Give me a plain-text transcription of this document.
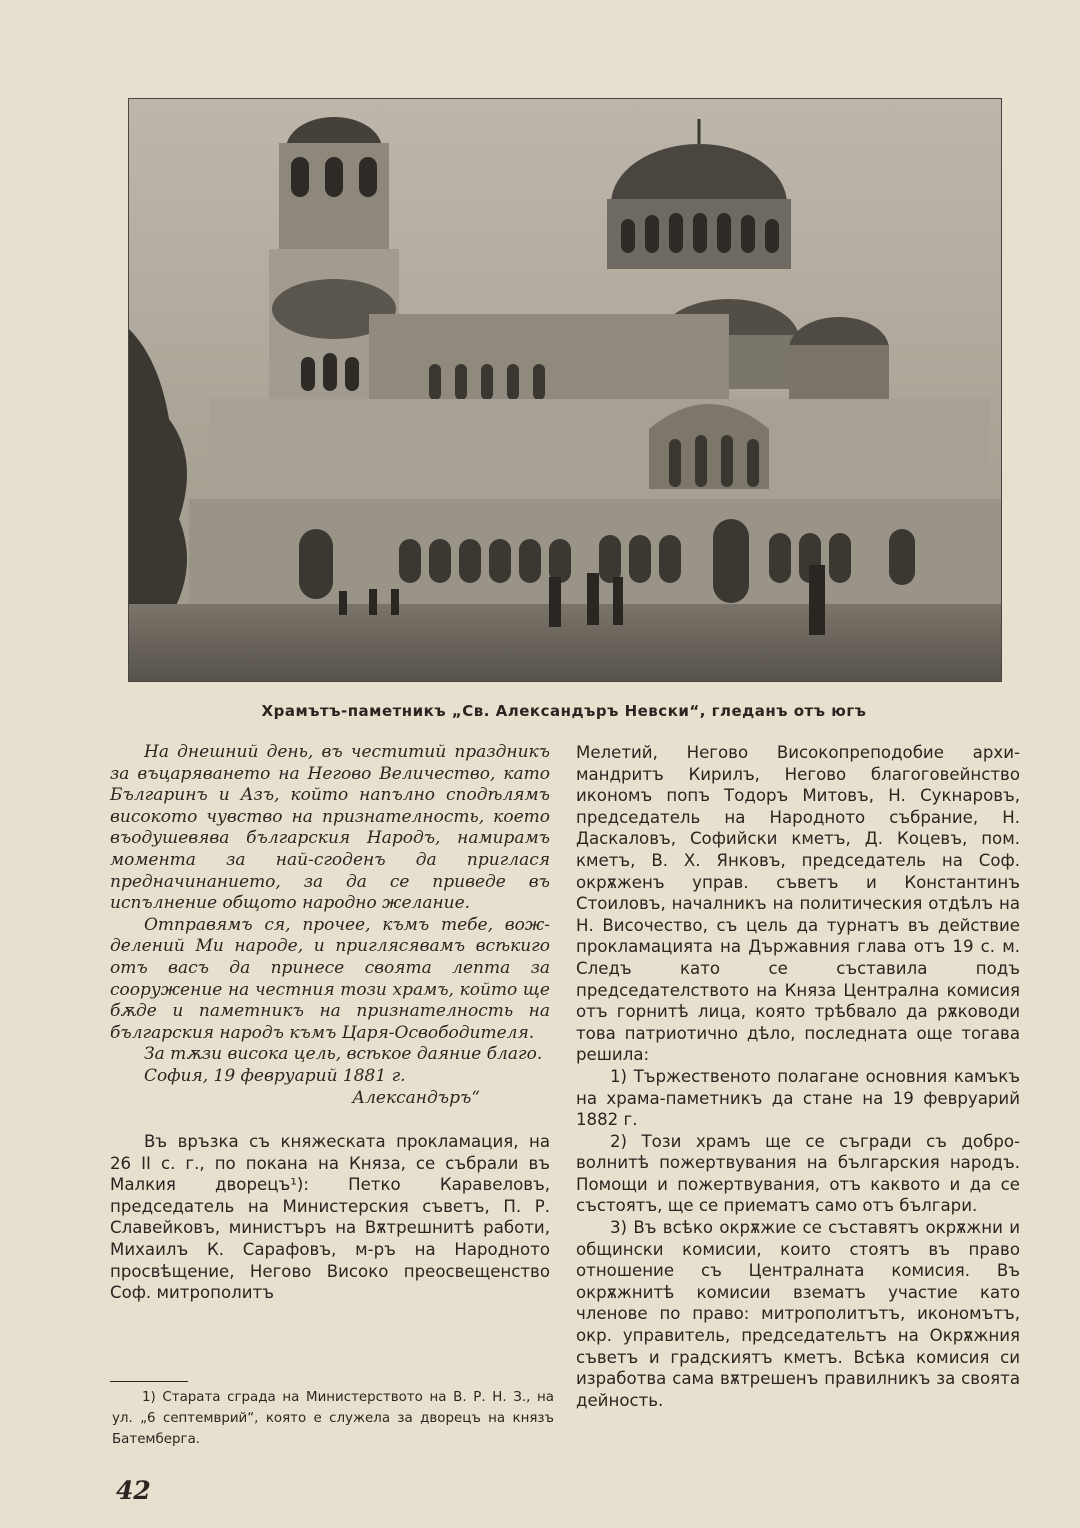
Храмътъ-паметникъ „Св. Александъръ Невски“, гледанъ отъ югъ

На днешний день, въ честитий праздникъ за въцаряването на Негово Величество, като Българинъ и Азъ, който напълно сподѣлямъ високото чувство на признателность, което въодушевява българския Народъ, намирамъ момента за най-сгоденъ да приглася предначинанието, за да се приведе въ испълнение общото народно желание.

Отправямъ ся, прочее, къмъ тебе, вожделений Ми народе, и приглясявамъ всѣкиго отъ васъ да принесе своята лепта за сооружение на честния този храмъ, който ще бѫде и паметникъ на признателность на българския народъ къмъ Царя-Освободителя.

За тѫзи висока цель, всѣкое даяние благо.

София, 19 февруарий 1881 г.

Александъръ“

Въ връзка съ княжеската прокламация, на 26 II с. г., по покана на Княза, се събрали въ Малкия дворецъ¹): Петко Каравеловъ, председатель на Министерския съветъ, П. Р. Славейковъ, министъръ на Вѫтрешнитѣ работи, Михаилъ К. Сарафовъ, м-ръ на Народното просвѣщение, Негово Високо преосвещенство Соф. митрополитъ

1) Старата сграда на Министерството на В. Р. Н. З., на ул. „6 септемврий“, която е служела за дворецъ на князъ Батемберга.

Мелетий, Негово Високопреподобие архимандритъ Кирилъ, Негово благоговейнство икономъ попъ Тодоръ Митовъ, Н. Сукнаровъ, председатель на Народното събрание, Н. Даскаловъ, Софийски кметъ, Д. Коцевъ, пом. кметъ, В. Х. Янковъ, председатель на Соф. окрѫженъ управ. съветъ и Константинъ Стоиловъ, началникъ на политическия отдѣлъ на Н. Височество, съ цель да турнатъ въ действие прокламацията на Държавния глава отъ 19 с. м. Следъ като се съставила подъ председателството на Княза Централна комисия отъ горнитѣ лица, която трѣбвало да рѫководи това патриотично дѣло, последната още тогава решила:

1) Тържественото полагане основния камъкъ на храма-паметникъ да стане на 19 февруарий 1882 г.

2) Този храмъ ще се съгради съ доброволнитѣ пожертвувания на българския народъ. Помощи и пожертвувания, отъ каквото и да се състоятъ, ще се приематъ само отъ българи.

3) Въ всѣко окрѫжие се съставятъ окрѫжни и общински комисии, които стоятъ въ право отношение съ Централната комисия. Въ окрѫжнитѣ комисии взематъ участие като членове по право: митрополитътъ, икономътъ, окр. управитель, председательтъ на Окрѫжния съветъ и градскиятъ кметъ. Всѣка комисия си изработва сама вѫтрешенъ правилникъ за своята дейность.

42
